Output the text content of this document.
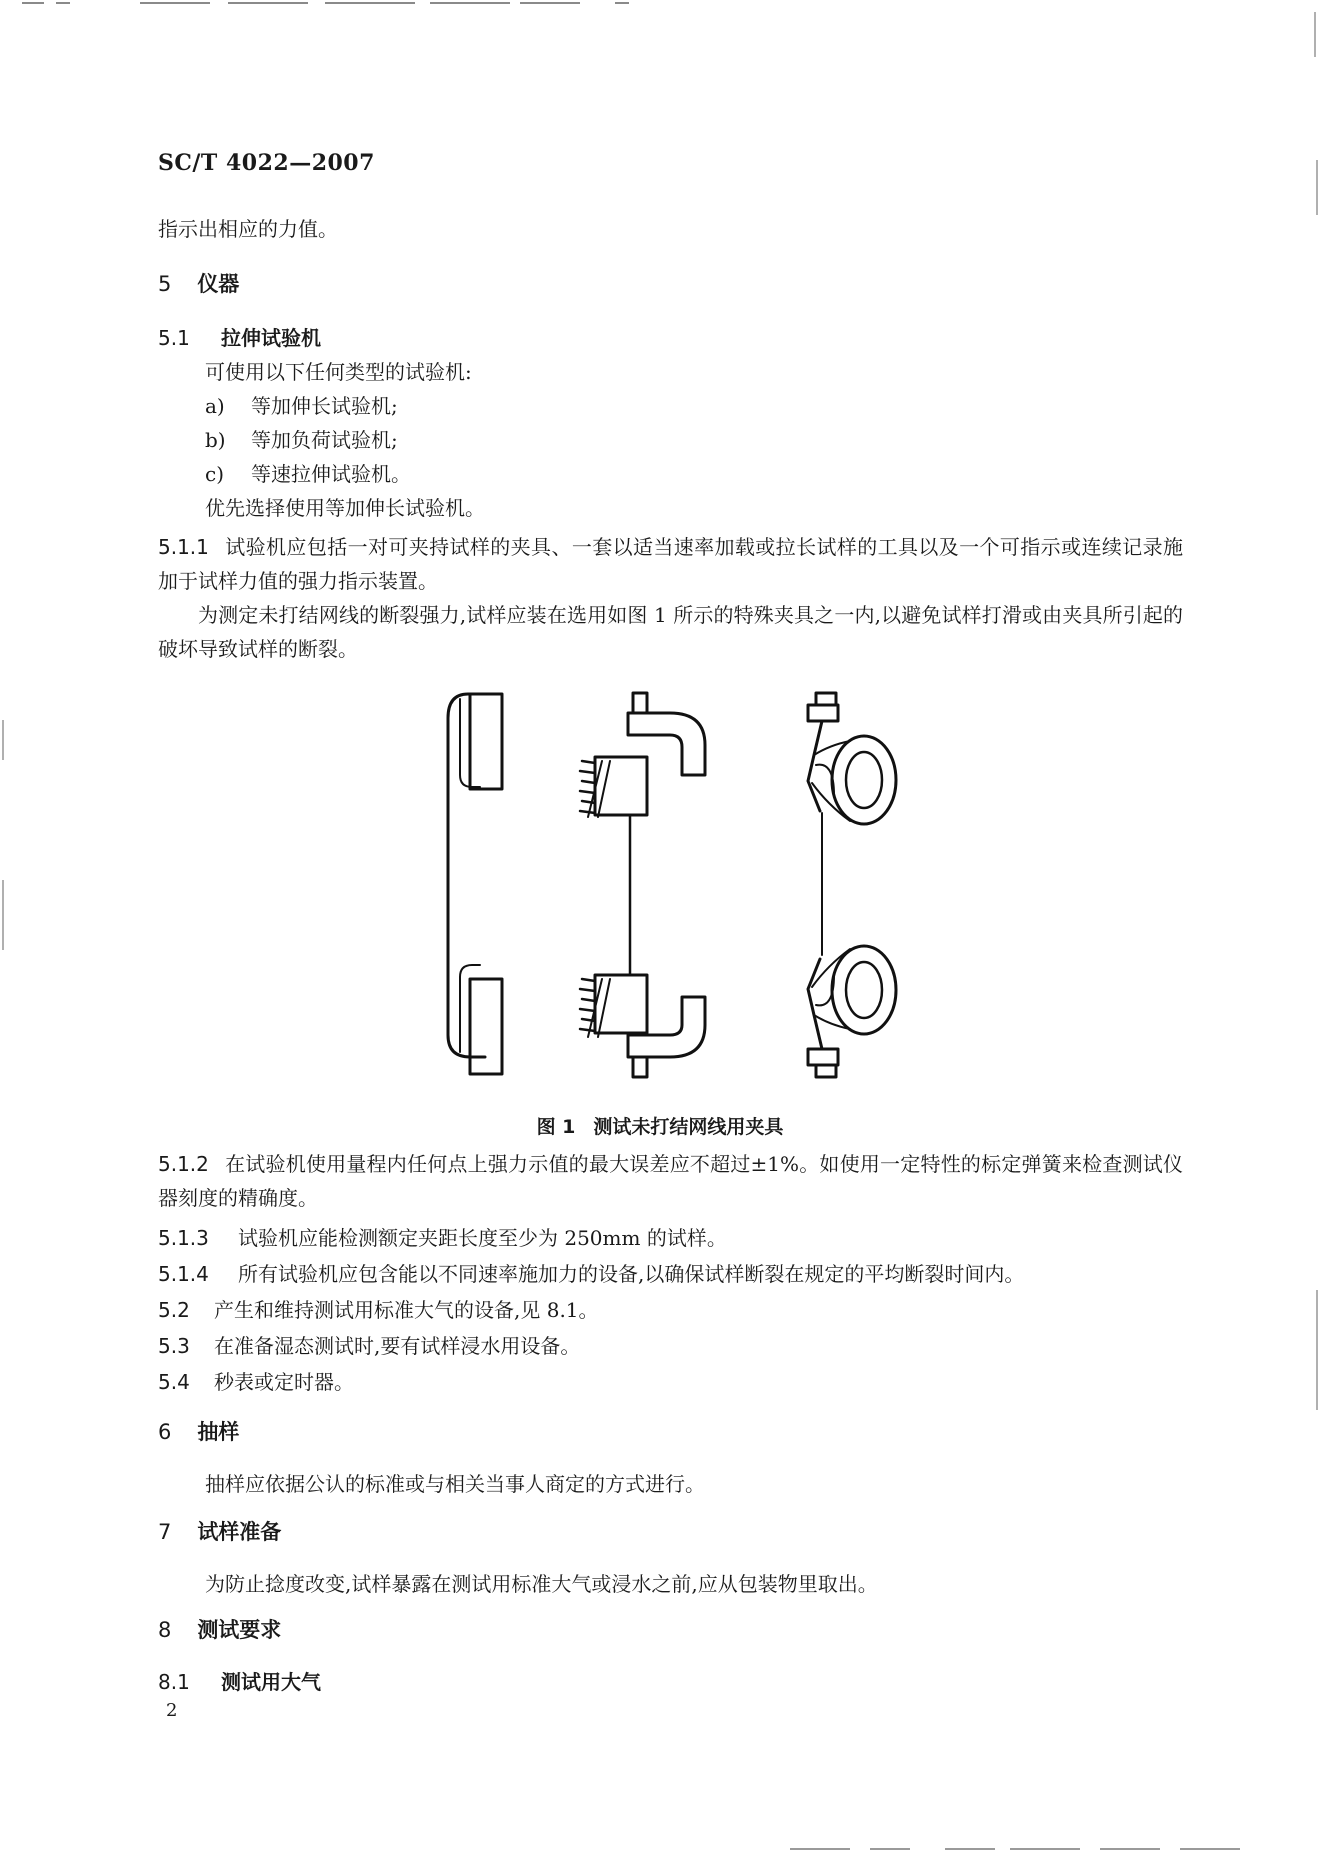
SC/T 4022—2007
指示出相应的力值。
5 仪器
5.1 拉伸试验机
可使用以下任何类型的试验机:
a) 等加伸长试验机;
b) 等加负荷试验机;
c) 等速拉伸试验机。
优先选择使用等加伸长试验机。
5.1.1 试验机应包括一对可夹持试样的夹具、一套以适当速率加载或拉长试样的工具以及一个可指示或连续记录施加于试样力值的强力指示装置。
为测定未打结网线的断裂强力,试样应装在选用如图 1 所示的特殊夹具之一内,以避免试样打滑或由夹具所引起的破坏导致试样的断裂。
图 1 测试未打结网线用夹具
5.1.2 在试验机使用量程内任何点上强力示值的最大误差应不超过±1%。如使用一定特性的标定弹簧来检查测试仪器刻度的精确度。
5.1.3 试验机应能检测额定夹距长度至少为 250mm 的试样。
5.1.4 所有试验机应包含能以不同速率施加力的设备,以确保试样断裂在规定的平均断裂时间内。
5.2 产生和维持测试用标准大气的设备,见 8.1。
5.3 在准备湿态测试时,要有试样浸水用设备。
5.4 秒表或定时器。
6 抽样
抽样应依据公认的标准或与相关当事人商定的方式进行。
7 试样准备
为防止捻度改变,试样暴露在测试用标准大气或浸水之前,应从包装物里取出。
8 测试要求
8.1 测试用大气
2
